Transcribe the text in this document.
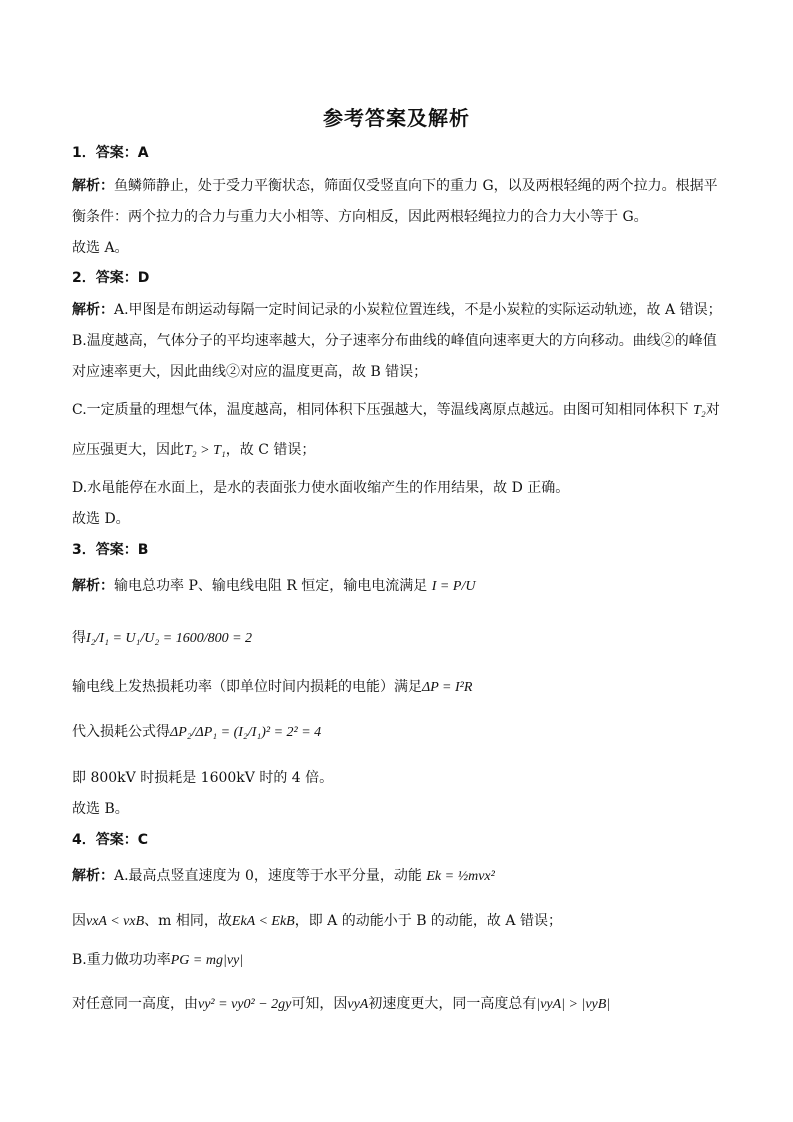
参考答案及解析
1．答案：A
解析：鱼鳞筛静止，处于受力平衡状态，筛面仅受竖直向下的重力 G，以及两根轻绳的两个拉力。根据平
衡条件：两个拉力的合力与重力大小相等、方向相反，因此两根轻绳拉力的合力大小等于 G。
故选 A。
2．答案：D
解析：A.甲图是布朗运动每隔一定时间记录的小炭粒位置连线，不是小炭粒的实际运动轨迹，故 A 错误；
B.温度越高，气体分子的平均速率越大，分子速率分布曲线的峰值向速率更大的方向移动。曲线②的峰值
对应速率更大，因此曲线②对应的温度更高，故 B 错误；
C.一定质量的理想气体，温度越高，相同体积下压强越大，等温线离原点越远。由图可知相同体积下 T₂对
应压强更大，因此T₂ > T₁，故 C 错误；
D.水黾能停在水面上，是水的表面张力使水面收缩产生的作用结果，故 D 正确。
故选 D。
3．答案：B
解析：输电总功率 P、输电线电阻 R 恒定，输电电流满足 I = P/U
得I₂/I₁ = U₁/U₂ = 1600/800 = 2
输电线上发热损耗功率（即单位时间内损耗的电能）满足ΔP = I²R
代入损耗公式得ΔP₂/ΔP₁ = (I₂/I₁)² = 2² = 4
即 800kV 时损耗是 1600kV 时的 4 倍。
故选 B。
4．答案：C
解析：A.最高点竖直速度为 0，速度等于水平分量，动能 Ek = ½mvx²
因vxA < vxB、m 相同，故EkA < EkB，即 A 的动能小于 B 的动能，故 A 错误；
B.重力做功功率PG = mg|vy|
对任意同一高度，由vy² = vy0² − 2gy可知，因vyA初速度更大，同一高度总有|vyA| > |vyB|
